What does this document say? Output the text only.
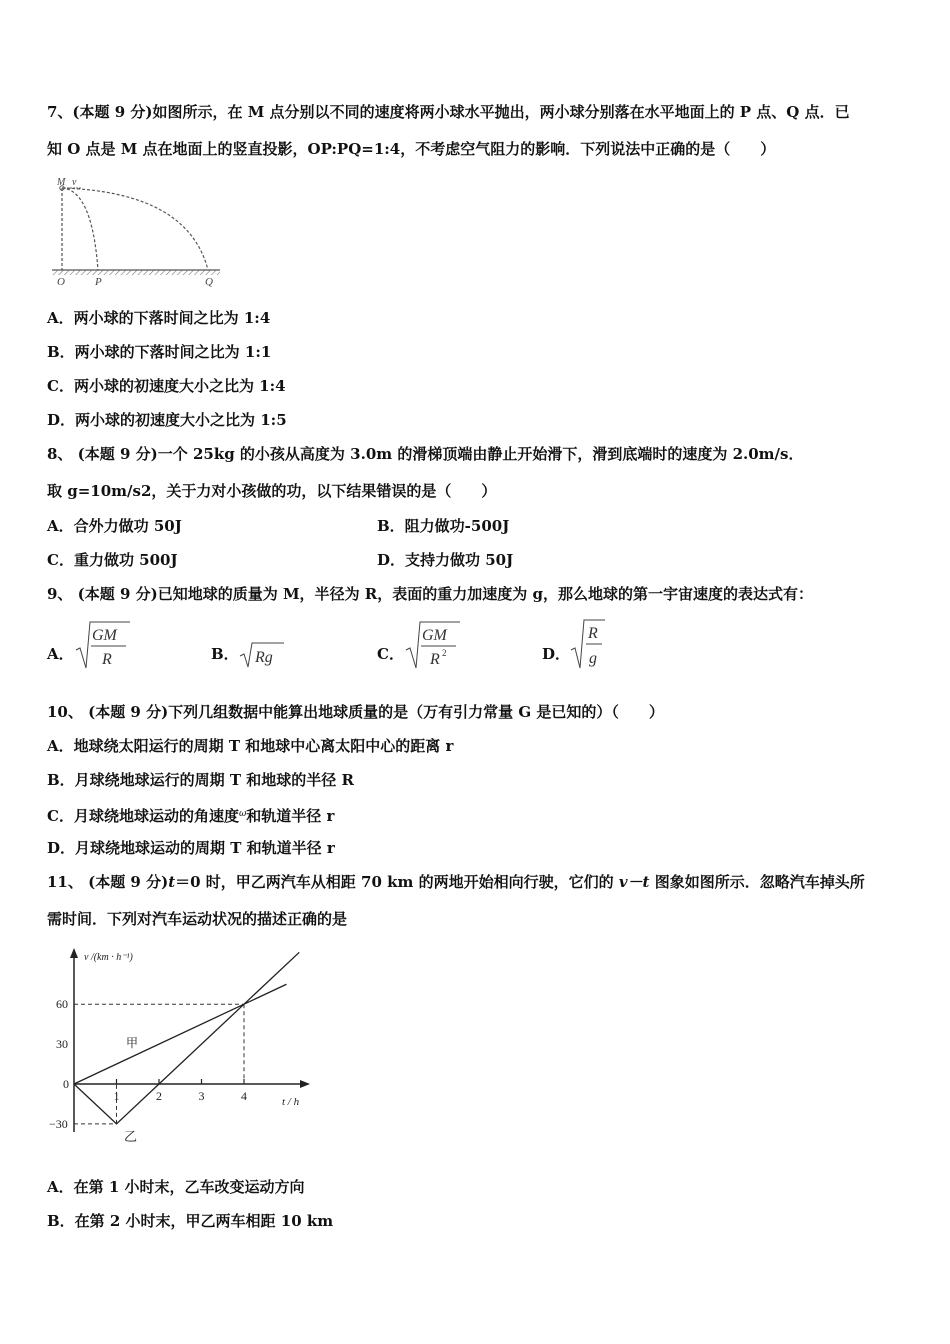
7、(本题 9 分)如图所示，在 M 点分别以不同的速度将两小球水平抛出，两小球分别落在水平地面上的 P 点、Q 点．已
知 O 点是 M 点在地面上的竖直投影，OP:PQ=1:4，不考虑空气阻力的影响．下列说法中正确的是（　　）
M v
O	P	Q
A．两小球的下落时间之比为 1:4
B．两小球的下落时间之比为 1:1
C．两小球的初速度大小之比为 1:4
D．两小球的初速度大小之比为 1:5
8、 (本题 9 分)一个 25kg 的小孩从高度为 3.0m 的滑梯顶端由静止开始滑下，滑到底端时的速度为 2.0m/s．
取 g=10m/s2，关于力对小孩做的功，以下结果错误的是（　　）
A．合外力做功 50J	B．阻力做功-500J
C．重力做功 500J	D．支持力做功 50J
9、 (本题 9 分)已知地球的质量为 M，半径为 R，表面的重力加速度为 g，那么地球的第一宇宙速度的表达式有：
A．
GM
R	B． Rg	C．
GM
R 2	D．
R
g
10、 (本题 9 分)下列几组数据中能算出地球质量的是（万有引力常量 G 是已知的）（　　）
A．地球绕太阳运行的周期 T 和地球中心离太阳中心的距离 r
B．月球绕地球运行的周期 T 和地球的半径 R
C．月球绕地球运动的角速度$^\omega$和轨道半径 r
D．月球绕地球运动的周期 T 和轨道半径 r
11、 (本题 9 分)t＝0 时，甲乙两汽车从相距 70 km 的两地开始相向行驶，它们的 v－t 图象如图所示．忽略汽车掉头所
需时间．下列对汽车运动状况的描述正确的是
1	2	3	4
60
30
0
−30
v /(km · h⁻¹)
t / h
甲
乙
A．在第 1 小时末，乙车改变运动方向
B．在第 2 小时末，甲乙两车相距 10 km
